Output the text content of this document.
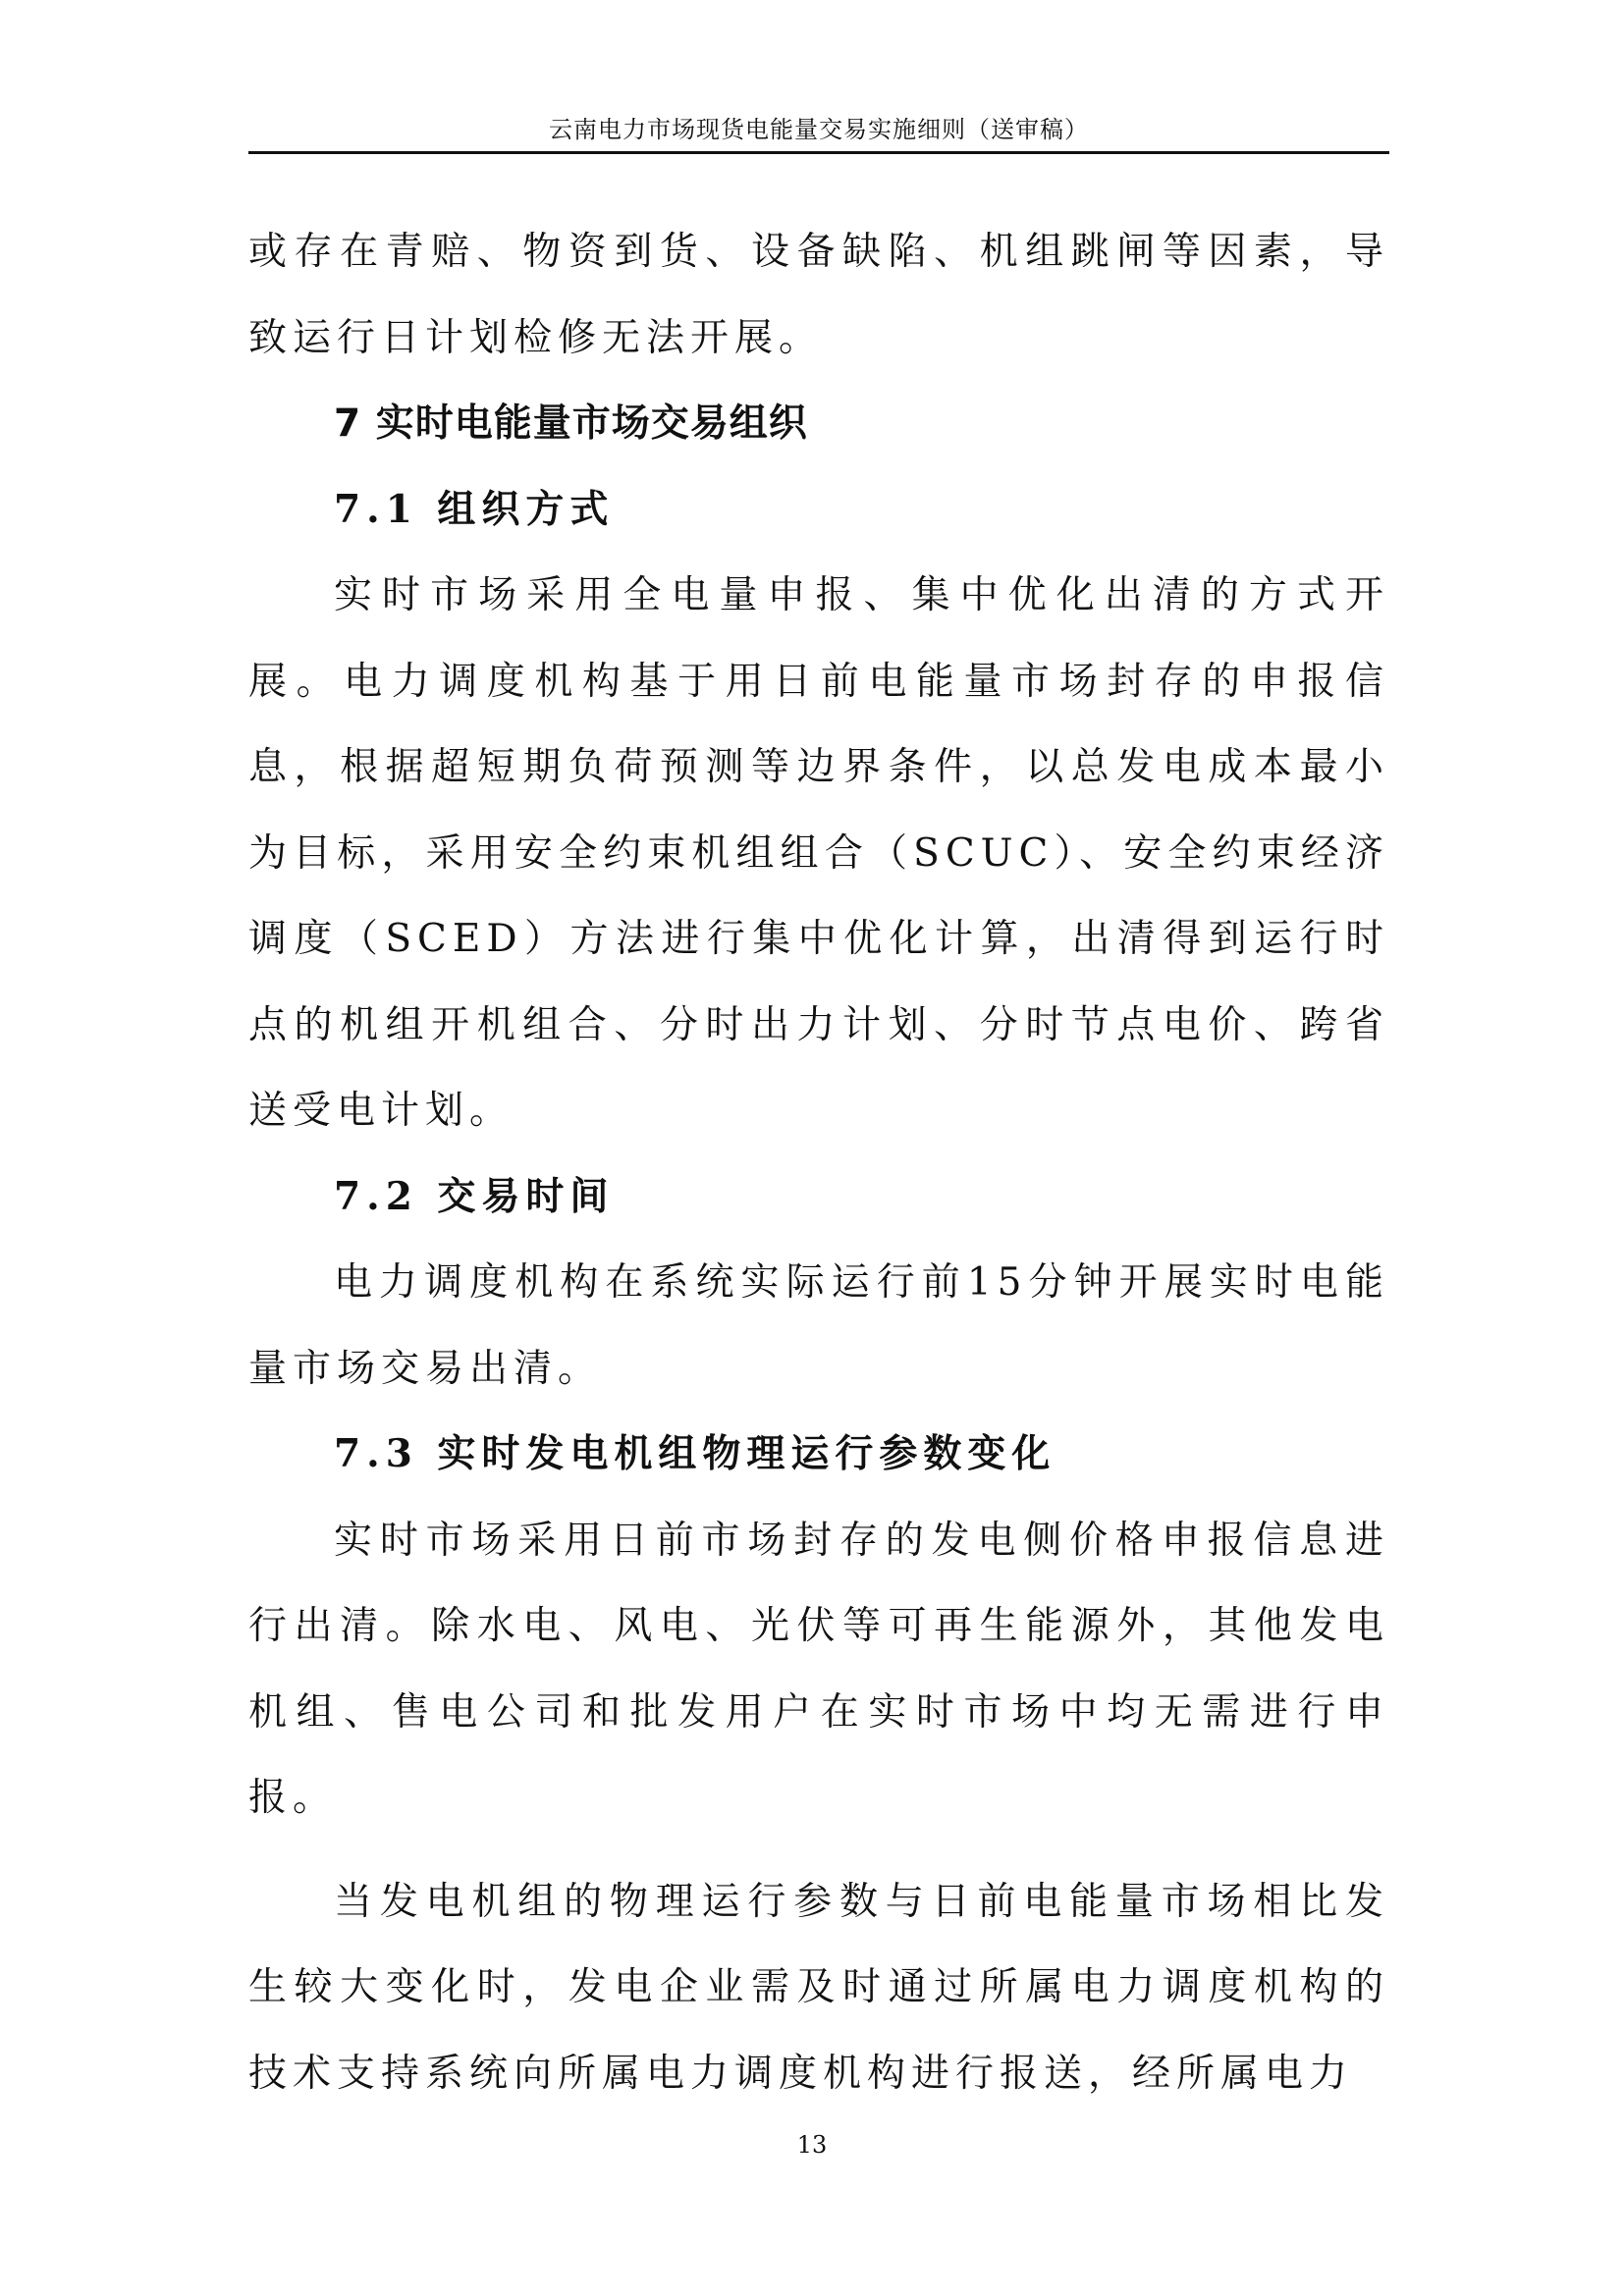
云南电力市场现货电能量交易实施细则（送审稿）

或存在青赔、物资到货、设备缺陷、机组跳闸等因素，导致运行日计划检修无法开展。

7 实时电能量市场交易组织
7.1 组织方式

实时市场采用全电量申报、集中优化出清的方式开展。电力调度机构基于用日前电能量市场封存的申报信息，根据超短期负荷预测等边界条件，以总发电成本最小为目标，采用安全约束机组组合（SCUC）、安全约束经济调度（SCED）方法进行集中优化计算，出清得到运行时点的机组开机组合、分时出力计划、分时节点电价、跨省送受电计划。

7.2 交易时间

电力调度机构在系统实际运行前15分钟开展实时电能量市场交易出清。

7.3 实时发电机组物理运行参数变化

实时市场采用日前市场封存的发电侧价格申报信息进行出清。除水电、风电、光伏等可再生能源外，其他发电机组、售电公司和批发用户在实时市场中均无需进行申报。

当发电机组的物理运行参数与日前电能量市场相比发生较大变化时，发电企业需及时通过所属电力调度机构的技术支持系统向所属电力调度机构进行报送，经所属电力

13
